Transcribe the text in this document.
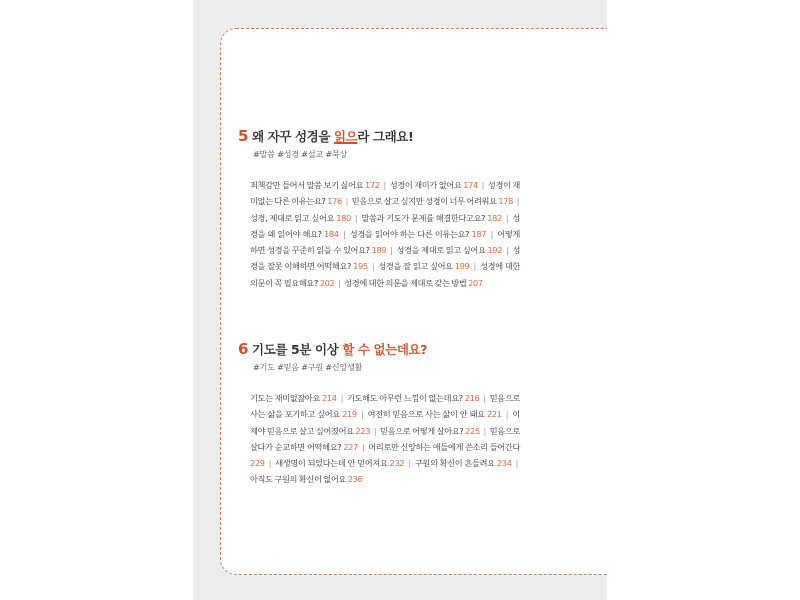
5 왜 자꾸 성경을 읽으라 그래요!

#말씀 #성경 #설교 #묵상

죄책감만 들어서 말씀 보기 싫어요 172 | 성경이 재미가 없어요 174 | 성경이 재미없는 다른 이유는요? 176 | 믿음으로 살고 싶지만 성경이 너무 어려워요 178 | 성경, 제대로 읽고 싶어요 180 | 말씀과 기도가 문제를 해결한다고요? 182 | 성경을 왜 읽어야 해요? 184 | 성경을 읽어야 하는 다른 이유는요? 187 | 어떻게 하면 성경을 꾸준히 읽을 수 있어요? 189 | 성경을 제대로 읽고 싶어요 192 | 성경을 잘못 이해하면 어떡해요? 195 | 성경을 잘 읽고 싶어요 199 | 성경에 대한 의문이 꼭 필요해요? 202 | 성경에 대한 의문을 제대로 갖는 방법 207

6 기도를 5분 이상 할 수 없는데요?

#기도 #믿음 #구원 #신앙생활

기도는 재미없잖아요 214 | 기도해도 아무런 느낌이 없는데요? 216 | 믿음으로 사는 삶을 포기하고 싶어요 219 | 여전히 믿음으로 사는 삶이 안 돼요 221 | 이제야 믿음으로 살고 싶어졌어요 223 | 믿음으로 어떻게 살아요? 225 | 믿음으로 살다가 순교하면 어떡해요? 227 | 머리로만 신앙하는 애들에게 쓴소리 들어간다 229 | 새생명이 되었다는데 안 믿어져요 232 | 구원의 확신이 흔들려요 234 | 아직도 구원의 확신이 없어요 236
